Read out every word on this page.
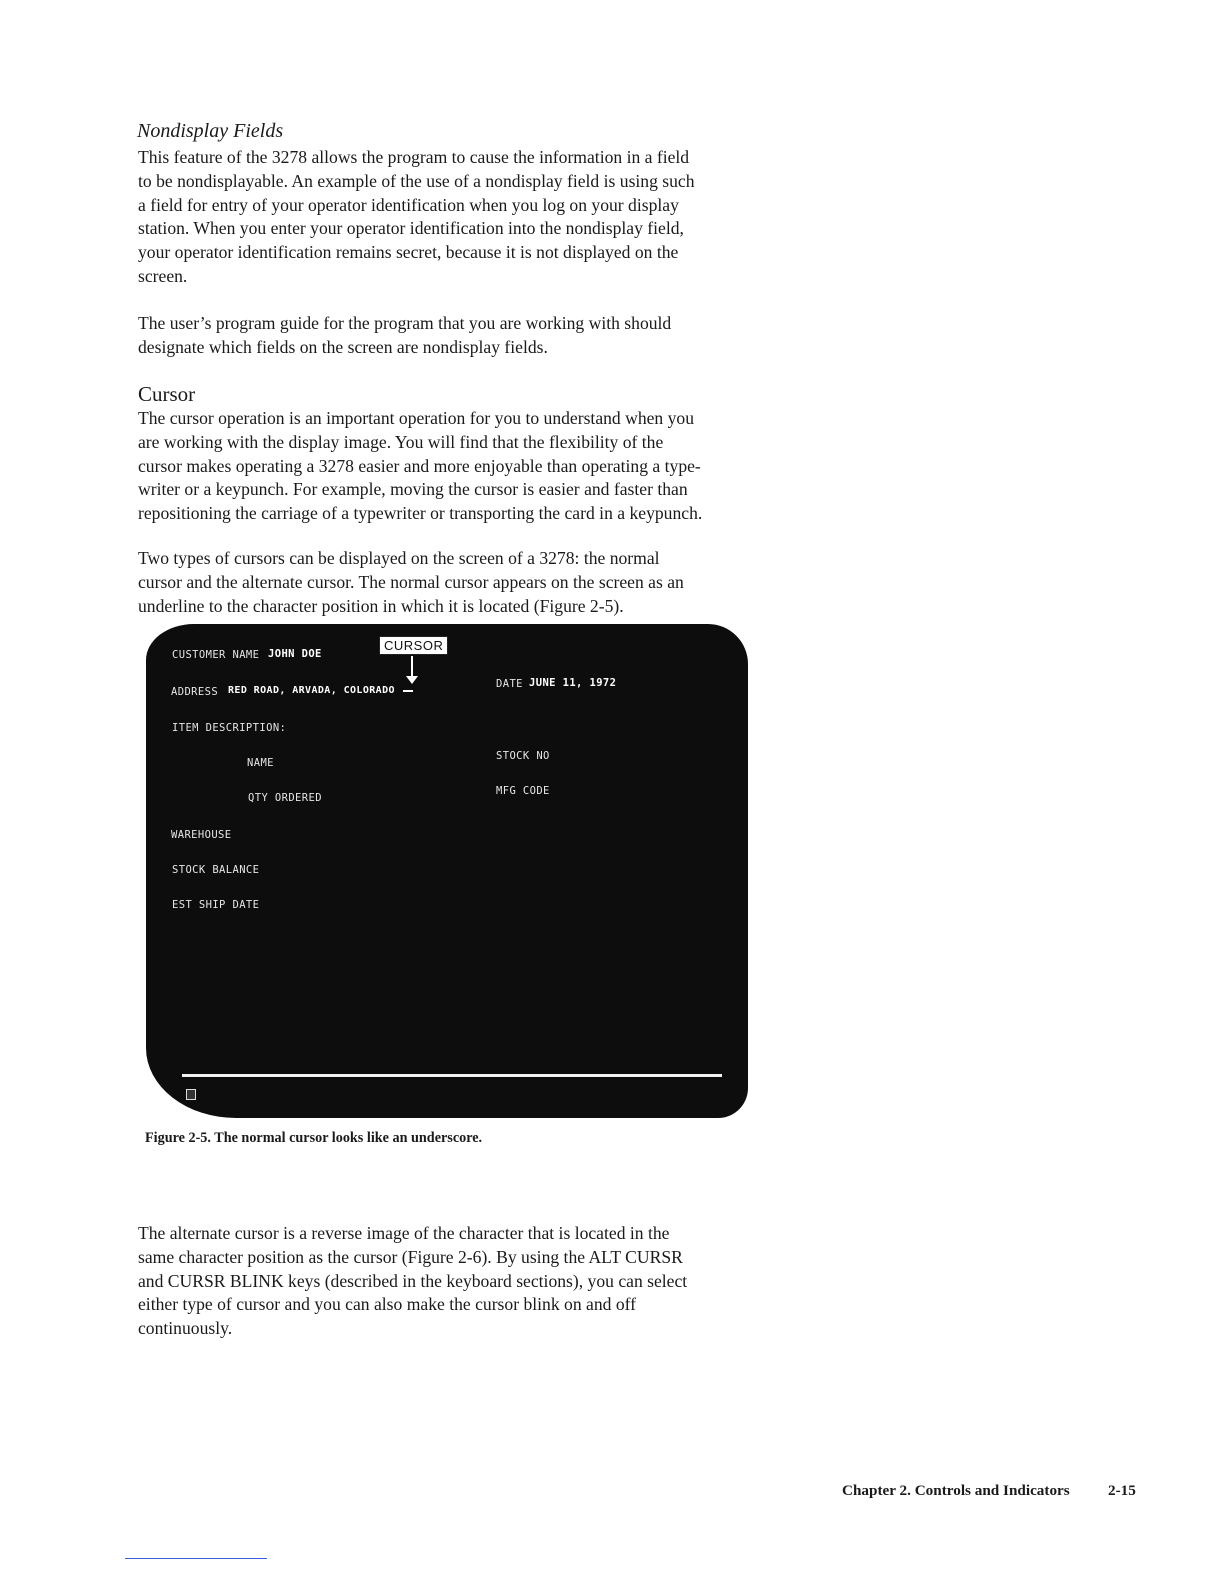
Nondisplay Fields

This feature of the 3278 allows the program to cause the information in a field
to be nondisplayable. An example of the use of a nondisplay field is using such
a field for entry of your operator identification when you log on your display
station. When you enter your operator identification into the nondisplay field,
your operator identification remains secret, because it is not displayed on the
screen.

The user’s program guide for the program that you are working with should
designate which fields on the screen are nondisplay fields.

Cursor

The cursor operation is an important operation for you to understand when you
are working with the display image. You will find that the flexibility of the
cursor makes operating a 3278 easier and more enjoyable than operating a type-
writer or a keypunch. For example, moving the cursor is easier and faster than
repositioning the carriage of a typewriter or transporting the card in a keypunch.

Two types of cursors can be displayed on the screen of a 3278: the normal
cursor and the alternate cursor. The normal cursor appears on the screen as an
underline to the character position in which it is located (Figure 2-5).

CUSTOMER NAME JOHN DOE
ADDRESS RED ROAD, ARVADA, COLORADO
DATE JUNE 11, 1972
ITEM DESCRIPTION:
NAME
STOCK NO
QTY ORDERED
MFG CODE
WAREHOUSE
STOCK BALANCE
EST SHIP DATE
CURSOR

Figure 2-5. The normal cursor looks like an underscore.

The alternate cursor is a reverse image of the character that is located in the
same character position as the cursor (Figure 2-6). By using the ALT CURSR
and CURSR BLINK keys (described in the keyboard sections), you can select
either type of cursor and you can also make the cursor blink on and off
continuously.

Chapter 2. Controls and Indicators	2-15
